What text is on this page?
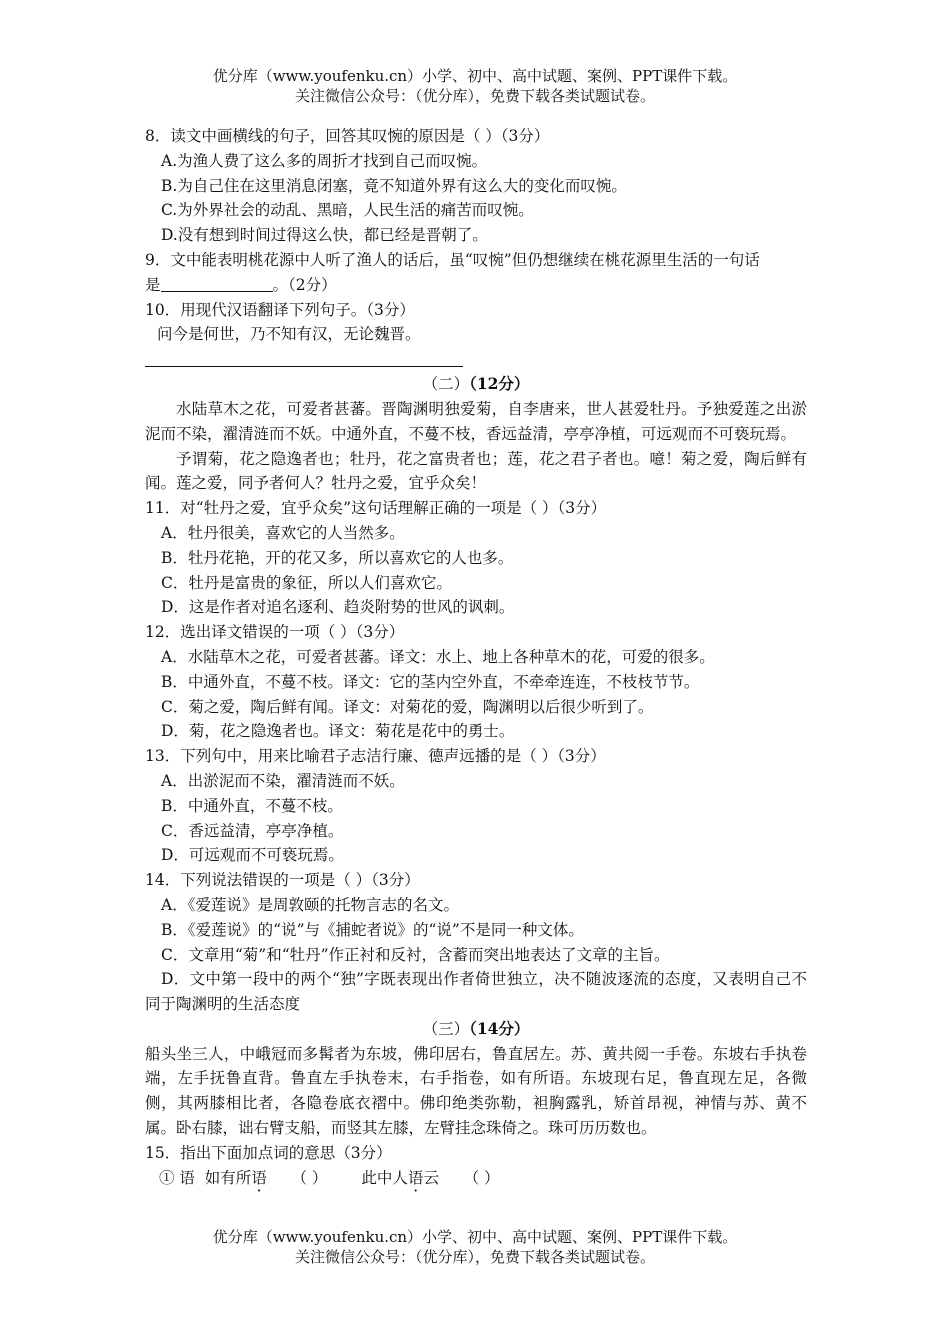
优分库（www.youfenku.cn）小学、初中、高中试题、案例、PPT课件下载。
关注微信公众号：（优分库），免费下载各类试题试卷。

8．读文中画横线的句子，回答其叹惋的原因是（ ）（3分）

A.为渔人费了这么多的周折才找到自己而叹惋。

B.为自己住在这里消息闭塞，竟不知道外界有这么大的变化而叹惋。

C.为外界社会的动乱、黑暗，人民生活的痛苦而叹惋。

D.没有想到时间过得这么快，都已经是晋朝了。

9．文中能表明桃花源中人听了渔人的话后，虽“叹惋”但仍想继续在桃花源里生活的一句话

是	。（2分）

10．用现代汉语翻译下列句子。（3分）

问今是何世，乃不知有汉，无论魏晋。

（二）（12分）

水陆草木之花，可爱者甚蕃。晋陶渊明独爱菊，自李唐来，世人甚爱牡丹。予独爱莲之出淤泥而不染，濯清涟而不妖。中通外直，不蔓不枝，香远益清，亭亭净植，可远观而不可亵玩焉。

予谓菊，花之隐逸者也；牡丹，花之富贵者也；莲，花之君子者也。噫！菊之爱，陶后鲜有闻。莲之爱，同予者何人？牡丹之爱，宜乎众矣！

11．对“牡丹之爱，宜乎众矣”这句话理解正确的一项是（ ）（3分）

A．牡丹很美，喜欢它的人当然多。

B．牡丹花艳，开的花又多，所以喜欢它的人也多。

C．牡丹是富贵的象征，所以人们喜欢它。

D．这是作者对追名逐利、趋炎附势的世风的讽刺。

12．选出译文错误的一项（ ）（3分）

A．水陆草木之花，可爱者甚蕃。译文：水上、地上各种草木的花，可爱的很多。

B．中通外直，不蔓不枝。译文：它的茎内空外直，不牵牵连连，不枝枝节节。

C．菊之爱，陶后鲜有闻。译文：对菊花的爱，陶渊明以后很少听到了。

D．菊，花之隐逸者也。译文：菊花是花中的勇士。

13．下列句中，用来比喻君子志洁行廉、德声远播的是（ ）（3分）

A．出淤泥而不染，濯清涟而不妖。

B．中通外直，不蔓不枝。

C．香远益清，亭亭净植。

D．可远观而不可亵玩焉。

14．下列说法错误的一项是（ ）（3分）

A．《爱莲说》是周敦颐的托物言志的名文。

B．《爱莲说》的“说”与《捕蛇者说》的“说”不是同一种文体。

C．文章用“菊”和“牡丹”作正衬和反衬，含蓄而突出地表达了文章的主旨。

D．文中第一段中的两个“独”字既表现出作者倚世独立，决不随波逐流的态度，又表明自己不同于陶渊明的生活态度

（三）（14分）

船头坐三人，中峨冠而多髯者为东坡，佛印居右，鲁直居左。苏、黄共阅一手卷。东坡右手执卷端，左手抚鲁直背。鲁直左手执卷末，右手指卷，如有所语。东坡现右足，鲁直现左足，各微侧，其两膝相比者，各隐卷底衣褶中。佛印绝类弥勒，袒胸露乳，矫首昂视，神情与苏、黄不属。卧右膝，诎右臂支船，而竖其左膝，左臂挂念珠倚之。珠可历历数也。

15．指出下面加点词的意思（3分）

① 语 如有所语 （ ） 此中人语云 （ ）

优分库（www.youfenku.cn）小学、初中、高中试题、案例、PPT课件下载。
关注微信公众号：（优分库），免费下载各类试题试卷。
